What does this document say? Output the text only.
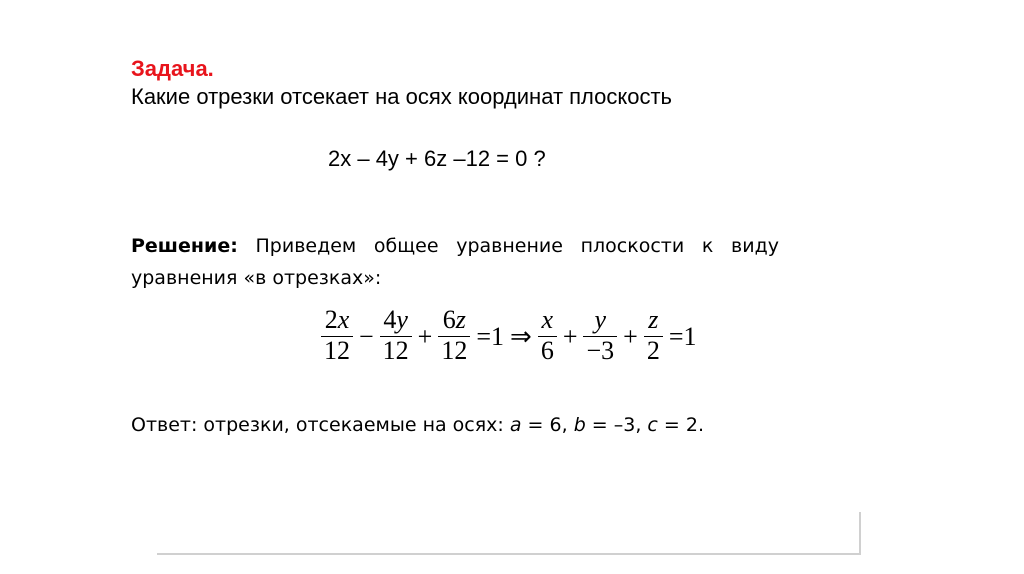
Задача.
Какие отрезки отсекает на осях координат плоскость
2x – 4y + 6z –12 = 0 ?
Решение: Приведем общее уравнение плоскости к виду уравнения «в отрезках»:
$\frac{2x}{12} - \frac{4y}{12} + \frac{6z}{12} =1$ ⇒ $\frac{x}{6} + \frac{y}{-3} + \frac{z}{2} =1$
Ответ: отрезки, отсекаемые на осях: a = 6, b = –3, c = 2.
